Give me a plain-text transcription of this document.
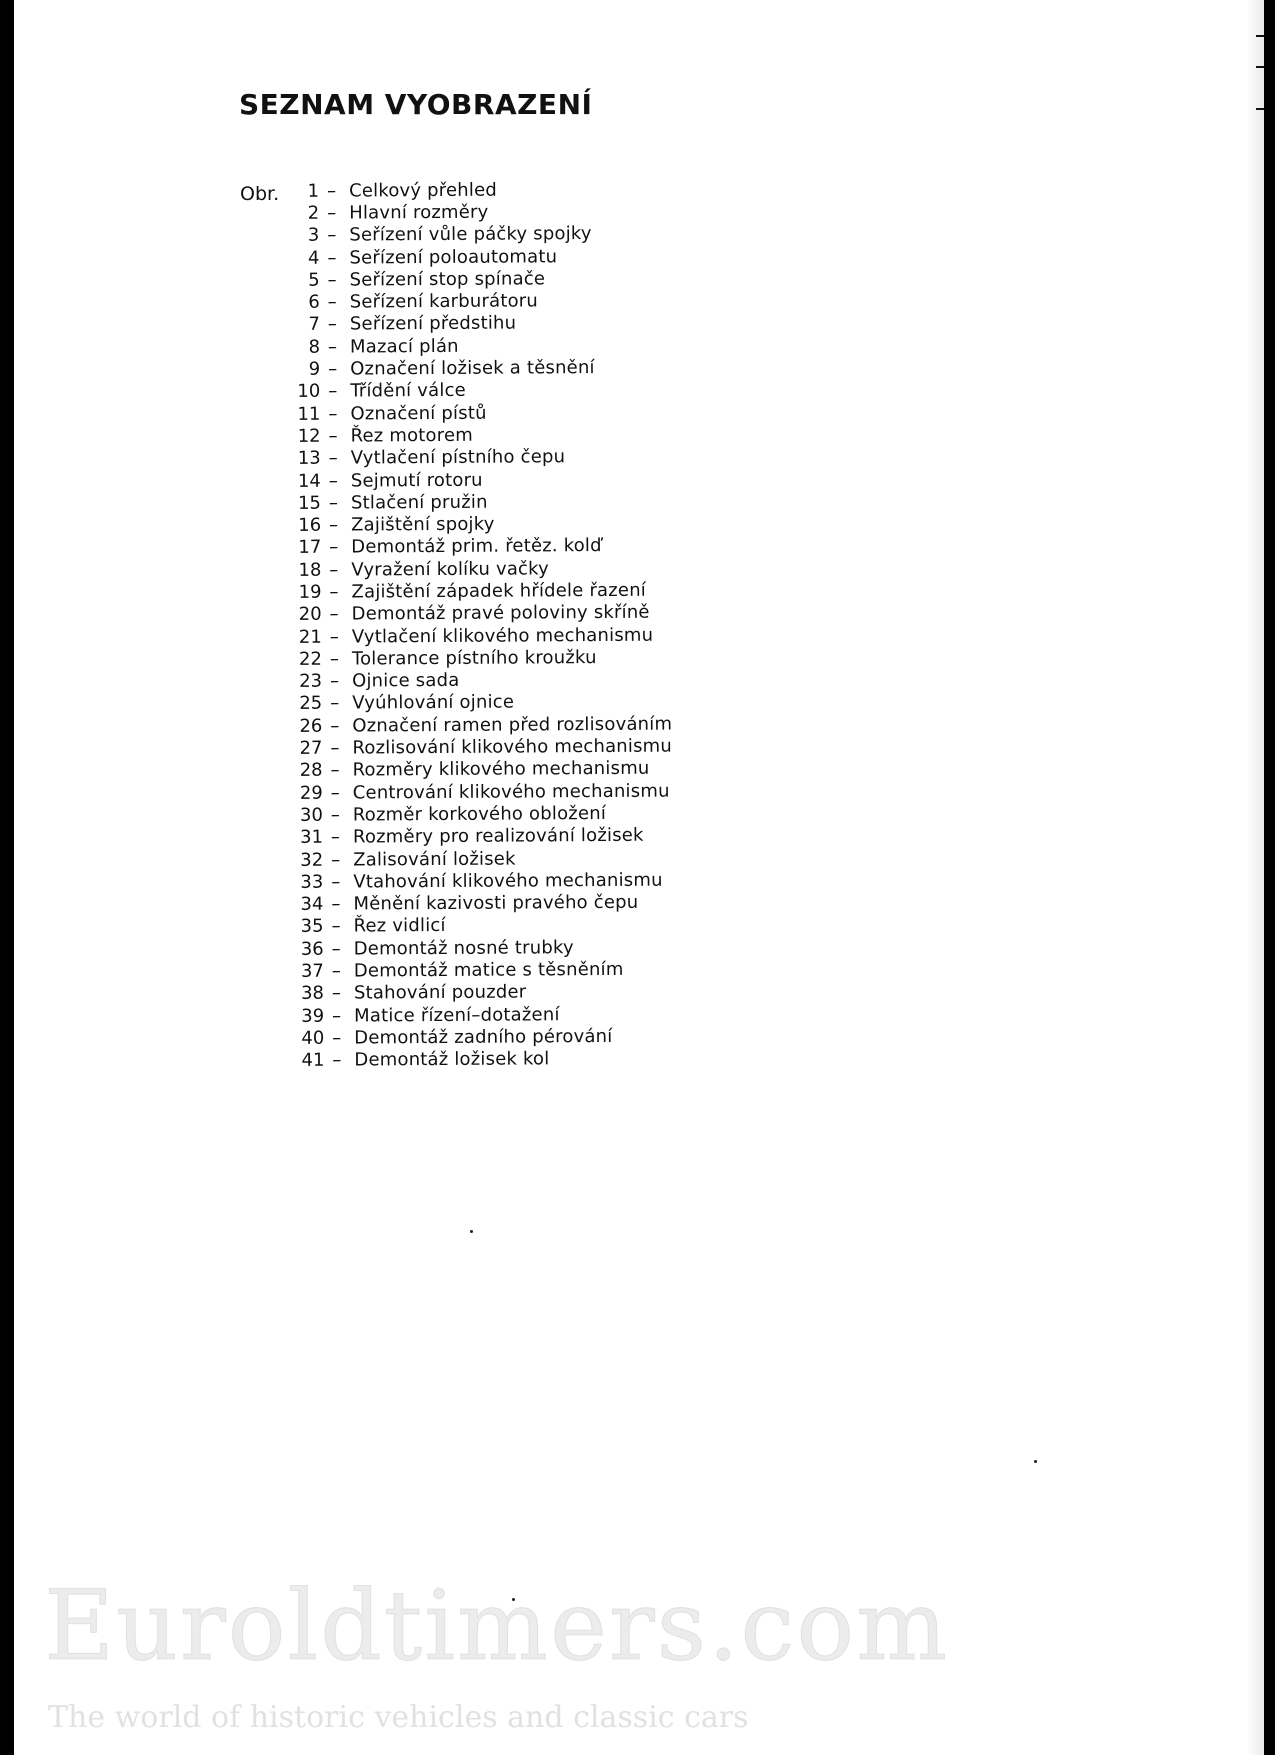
SEZNAM VYOBRAZENÍ
Obr.	1 – Celkový přehled
2 – Hlavní rozměry
3 – Seřízení vůle páčky spojky
4 – Seřízení poloautomatu
5 – Seřízení stop spínače
6 – Seřízení karburátoru
7 – Seřízení předstihu
8 – Mazací plán
9 – Označení ložisek a těsnění
10 – Třídění válce
11 – Označení pístů
12 – Řez motorem
13 – Vytlačení pístního čepu
14 – Sejmutí rotoru
15 – Stlačení pružin
16 – Zajištění spojky
17 – Demontáž prim. řetěz. kolď
18 – Vyražení kolíku vačky
19 – Zajištění západek hřídele řazení
20 – Demontáž pravé poloviny skříně
21 – Vytlačení klikového mechanismu
22 – Tolerance pístního kroužku
23 – Ojnice sada
25 – Vyúhlování ojnice
26 – Označení ramen před rozlisováním
27 – Rozlisování klikového mechanismu
28 – Rozměry klikového mechanismu
29 – Centrování klikového mechanismu
30 – Rozměr korkového obložení
31 – Rozměry pro realizování ložisek
32 – Zalisování ložisek
33 – Vtahování klikového mechanismu
34 – Měnění kazivosti pravého čepu
35 – Řez vidlicí
36 – Demontáž nosné trubky
37 – Demontáž matice s těsněním
38 – Stahování pouzder
39 – Matice řízení–dotažení
40 – Demontáž zadního pérování
41 – Demontáž ložisek kol
Euroldtimers.com
The world of historic vehicles and classic cars
